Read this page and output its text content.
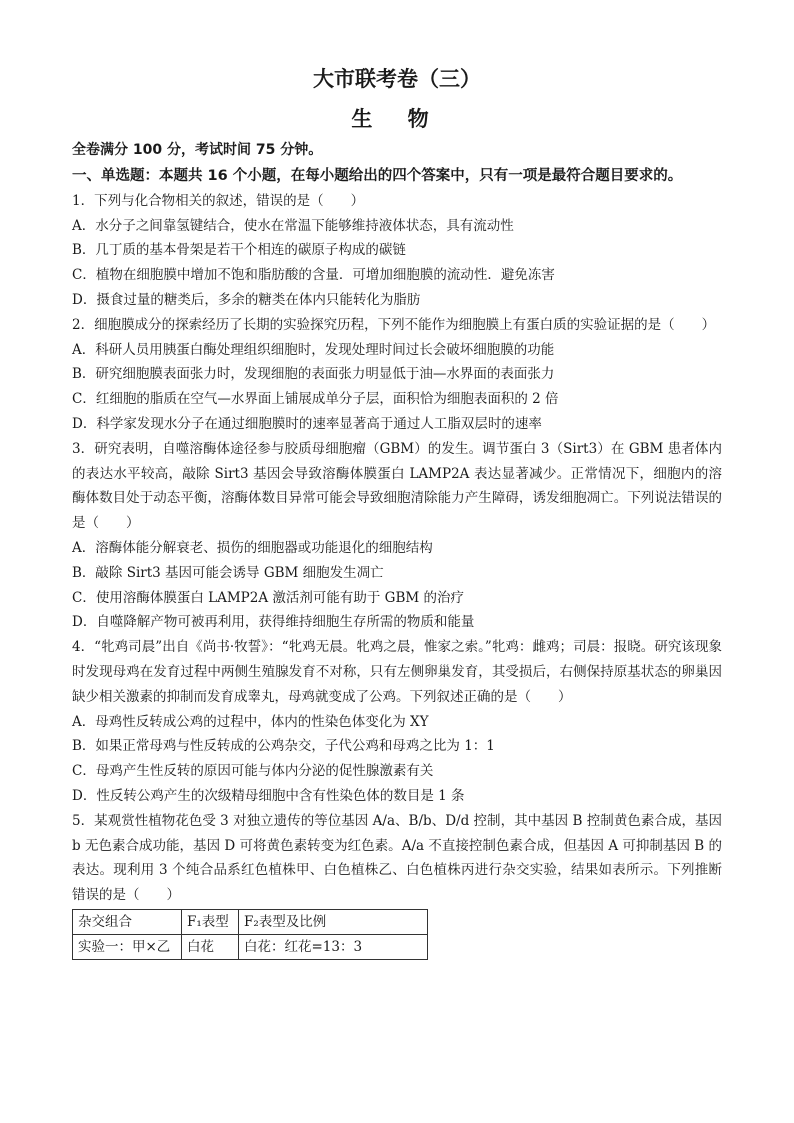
大市联考卷（三）
生 物

全卷满分 100 分，考试时间 75 分钟。

一、单选题：本题共 16 个小题，在每小题给出的四个答案中，只有一项是最符合题目要求的。

1．下列与化合物相关的叙述，错误的是（　　）

A．水分子之间靠氢键结合，使水在常温下能够维持液体状态，具有流动性

B．几丁质的基本骨架是若干个相连的碳原子构成的碳链

C．植物在细胞膜中增加不饱和脂肪酸的含量．可增加细胞膜的流动性．避免冻害

D．摄食过量的糖类后，多余的糖类在体内只能转化为脂肪

2．细胞膜成分的探索经历了长期的实验探究历程，下列不能作为细胞膜上有蛋白质的实验证据的是（　　）

A．科研人员用胰蛋白酶处理组织细胞时，发现处理时间过长会破坏细胞膜的功能

B．研究细胞膜表面张力时，发现细胞的表面张力明显低于油—水界面的表面张力

C．红细胞的脂质在空气—水界面上铺展成单分子层，面积恰为细胞表面积的 2 倍

D．科学家发现水分子在通过细胞膜时的速率显著高于通过人工脂双层时的速率

3．研究表明，自噬溶酶体途径参与胶质母细胞瘤（GBM）的发生。调节蛋白 3（Sirt3）在 GBM 患者体内的表达水平较高，敲除 Sirt3 基因会导致溶酶体膜蛋白 LAMP2A 表达显著减少。正常情况下，细胞内的溶酶体数目处于动态平衡，溶酶体数目异常可能会导致细胞清除能力产生障碍，诱发细胞凋亡。下列说法错误的是（　　）

A．溶酶体能分解衰老、损伤的细胞器或功能退化的细胞结构

B．敲除 Sirt3 基因可能会诱导 GBM 细胞发生凋亡

C．使用溶酶体膜蛋白 LAMP2A 激活剂可能有助于 GBM 的治疗

D．自噬降解产物可被再利用，获得维持细胞生存所需的物质和能量

4．“牝鸡司晨”出自《尚书·牧誓》：“牝鸡无晨。牝鸡之晨，惟家之索。”牝鸡：雌鸡；司晨：报晓。研究该现象时发现母鸡在发育过程中两侧生殖腺发育不对称，只有左侧卵巢发育，其受损后，右侧保持原基状态的卵巢因缺少相关激素的抑制而发育成睾丸，母鸡就变成了公鸡。下列叙述正确的是（　　）

A．母鸡性反转成公鸡的过程中，体内的性染色体变化为 XY

B．如果正常母鸡与性反转成的公鸡杂交，子代公鸡和母鸡之比为 1：1

C．母鸡产生性反转的原因可能与体内分泌的促性腺激素有关

D．性反转公鸡产生的次级精母细胞中含有性染色体的数目是 1 条

5．某观赏性植物花色受 3 对独立遗传的等位基因 A/a、B/b、D/d 控制，其中基因 B 控制黄色素合成，基因 b 无色素合成功能，基因 D 可将黄色素转变为红色素。A/a 不直接控制色素合成，但基因 A 可抑制基因 B 的表达。现利用 3 个纯合品系红色植株甲、白色植株乙、白色植株丙进行杂交实验，结果如表所示。下列推断错误的是（　　）

杂交组合	F₁表型	F₂表型及比例
实验一：甲×乙	白花	白花：红花=13：3
